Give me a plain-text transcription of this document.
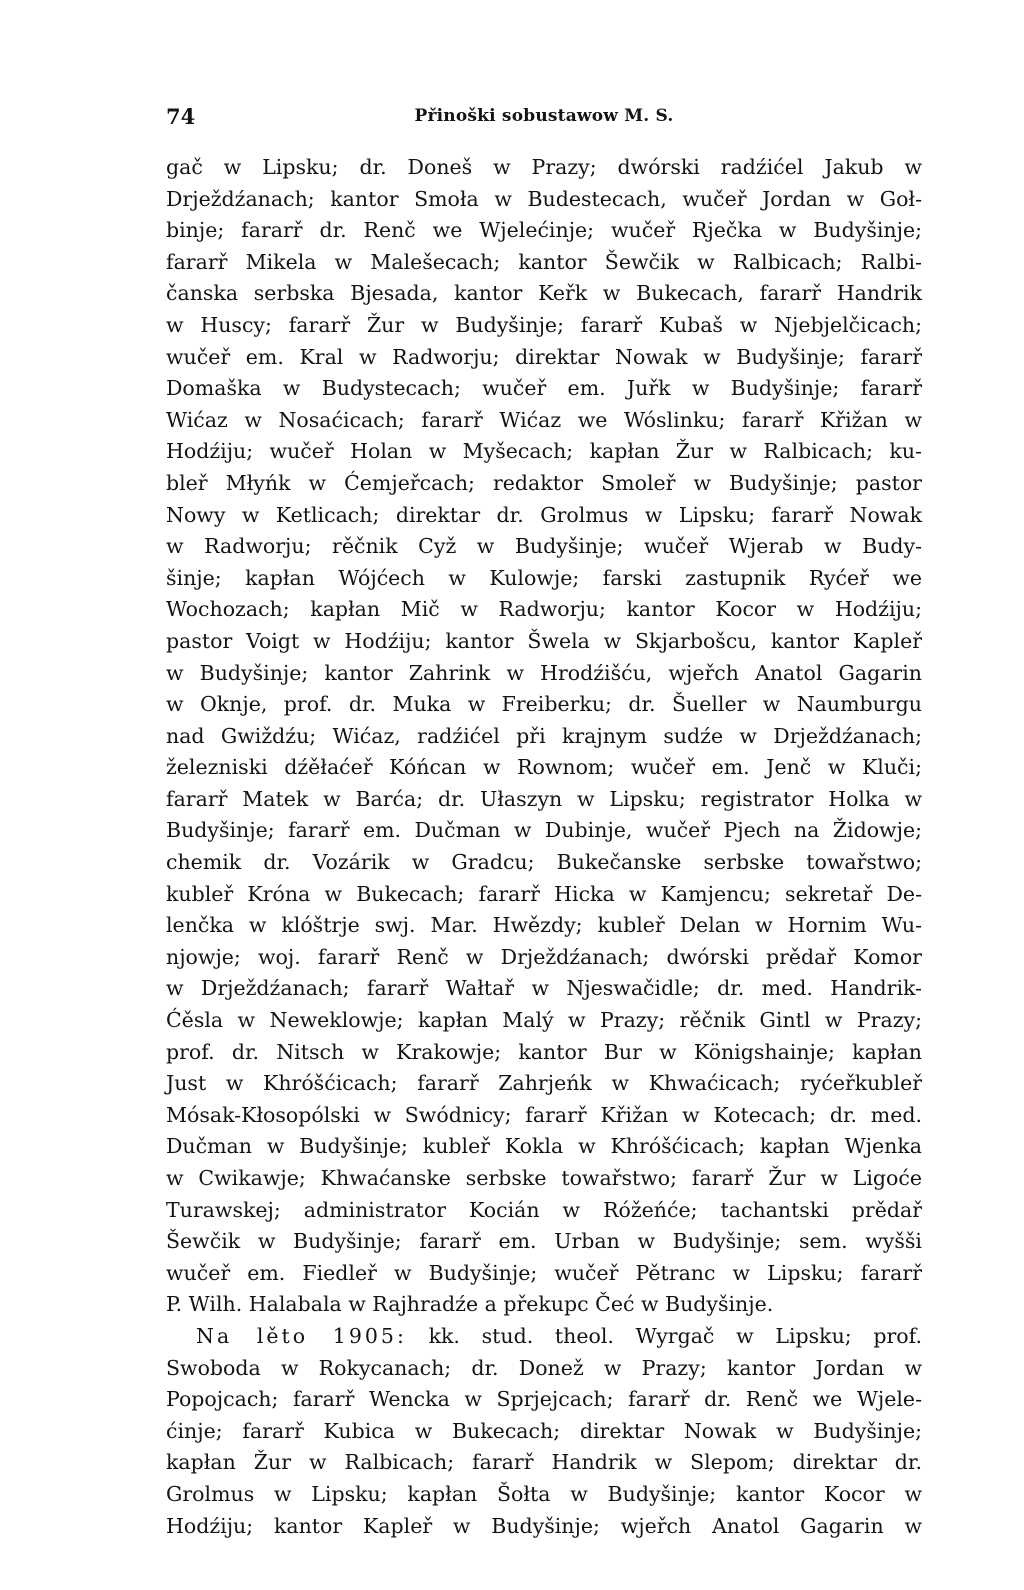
74	Přinoški sobustawow M. S.
gač w Lipsku; dr. Doneš w Prazy; dwórski radźićel Jakub w
Drježdźanach; kantor Smoła w Budestecach, wučeř Jordan w Goł-
binje; fararř dr. Renč we Wjelećinje; wučeř Rječka w Budyšinje;
fararř Mikela w Malešecach; kantor Šewčik w Ralbicach; Ralbi-
čanska serbska Bjesada, kantor Keřk w Bukecach, fararř Handrik
w Huscy; fararř Žur w Budyšinje; fararř Kubaš w Njebjelčicach;
wučeř em. Kral w Radworju; direktar Nowak w Budyšinje; fararř
Domaška w Budystecach; wučeř em. Juřk w Budyšinje; fararř
Wićaz w Nosaćicach; fararř Wićaz we Wóslinku; fararř Křižan w
Hodźiju; wučeř Holan w Myšecach; kapłan Žur w Ralbicach; ku-
bleř Młyńk w Ćemjeřcach; redaktor Smoleř w Budyšinje; pastor
Nowy w Ketlicach; direktar dr. Grolmus w Lipsku; fararř Nowak
w Radworju; rěčnik Cyž w Budyšinje; wučeř Wjerab w Budy-
šinje; kapłan Wójćech w Kulowje; farski zastupnik Ryćeř we
Wochozach; kapłan Mič w Radworju; kantor Kocor w Hodźiju;
pastor Voigt w Hodźiju; kantor Šwela w Skjarbošcu, kantor Kapleř
w Budyšinje; kantor Zahrink w Hrodźišću, wjeřch Anatol Gagarin
w Oknje, prof. dr. Muka w Freiberku; dr. Šueller w Naumburgu
nad Gwiždźu; Wićaz, radźićel při krajnym sudźe w Drježdźanach;
železniski dźěłaćeř Kóńcan w Rownom; wučeř em. Jenč w Kluči;
fararř Matek w Barća; dr. Ułaszyn w Lipsku; registrator Holka w
Budyšinje; fararř em. Dučman w Dubinje, wučeř Pjech na Židowje;
chemik dr. Vozárik w Gradcu; Bukečanske serbske towařstwo;
kubleř Króna w Bukecach; fararř Hicka w Kamjencu; sekretař De-
lenčka w klóštrje swj. Mar. Hwězdy; kubleř Delan w Hornim Wu-
njowje; woj. fararř Renč w Drježdźanach; dwórski prědař Komor
w Drježdźanach; fararř Wałtař w Njeswačidle; dr. med. Handrik-
Ćěsla w Neweklowje; kapłan Malý w Prazy; rěčnik Gintl w Prazy;
prof. dr. Nitsch w Krakowje; kantor Bur w Königshainje; kapłan
Just w Khróšćicach; fararř Zahrjeńk w Khwaćicach; ryćeřkubleř
Mósak-Kłosopólski w Swódnicy; fararř Křižan w Kotecach; dr. med.
Dučman w Budyšinje; kubleř Kokla w Khróšćicach; kapłan Wjenka
w Cwikawje; Khwaćanske serbske towařstwo; fararř Žur w Ligoće
Turawskej; administrator Kocián w Róžeńće; tachantski prědař
Šewčik w Budyšinje; fararř em. Urban w Budyšinje; sem. wyšši
wučeř em. Fiedleř w Budyšinje; wučeř Pětranc w Lipsku; fararř
P. Wilh. Halabala w Rajhradźe a překupc Čeć w Budyšinje.
Na lěto 1905: kk. stud. theol. Wyrgač w Lipsku; prof.
Swoboda w Rokycanach; dr. Donež w Prazy; kantor Jordan w
Popojcach; fararř Wencka w Sprjejcach; fararř dr. Renč we Wjele-
ćinje; fararř Kubica w Bukecach; direktar Nowak w Budyšinje;
kapłan Žur w Ralbicach; fararř Handrik w Slepom; direktar dr.
Grolmus w Lipsku; kapłan Šołta w Budyšinje; kantor Kocor w
Hodźiju; kantor Kapleř w Budyšinje; wjeřch Anatol Gagarin w
